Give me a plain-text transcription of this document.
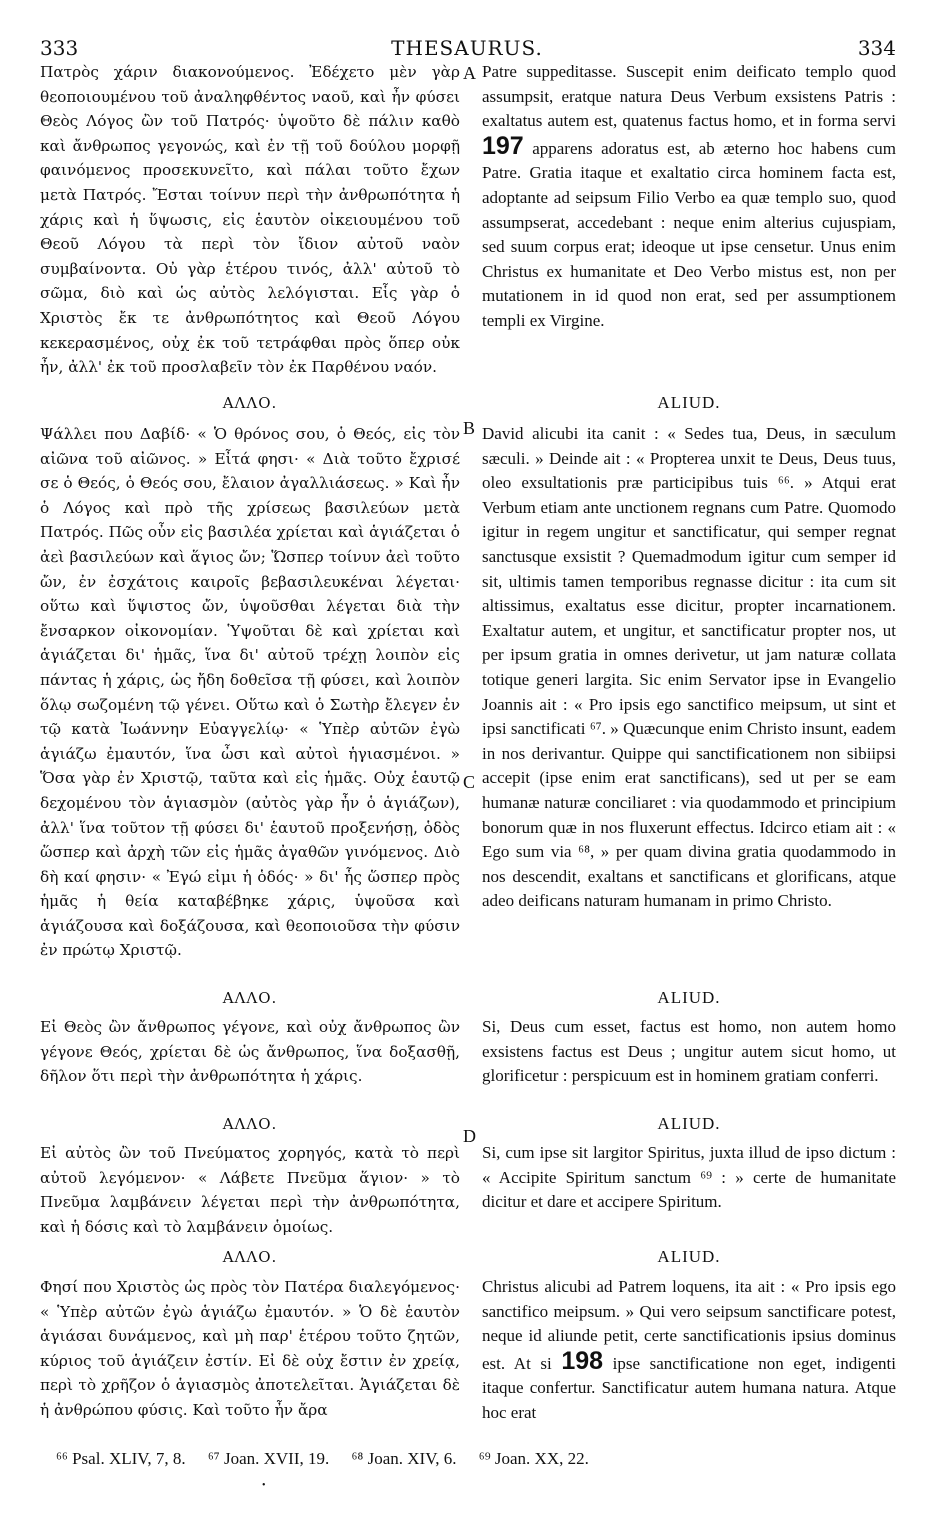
333	THESAURUS.	334
A
B
C
D

Πατρὸς χάριν διακονούμενος. Ἐδέχετο μὲν γὰρ θεοποιουμένου τοῦ ἀναληφθέντος ναοῦ, καὶ ἦν φύσει Θεὸς Λόγος ὢν τοῦ Πατρός· ὑψοῦτο δὲ πάλιν καθὸ καὶ ἄνθρωπος γεγονώς, καὶ ἐν τῇ τοῦ δούλου μορφῇ φαινόμενος προσεκυνεῖτο, καὶ πάλαι τοῦτο ἔχων μετὰ Πατρός. Ἔσται τοίνυν περὶ τὴν ἀνθρωπότητα ἡ χάρις καὶ ἡ ὕψωσις, εἰς ἑαυτὸν οἰκειουμένου τοῦ Θεοῦ Λόγου τὰ περὶ τὸν ἴδιον αὐτοῦ ναὸν συμβαίνοντα. Οὐ γὰρ ἑτέρου τινός, ἀλλ' αὐτοῦ τὸ σῶμα, διὸ καὶ ὡς αὐτὸς λελόγισται. Εἷς γὰρ ὁ Χριστὸς ἔκ τε ἀνθρωπότητος καὶ Θεοῦ Λόγου κεκερασμένος, οὐχ ἐκ τοῦ τετράφθαι πρὸς ὅπερ οὐκ ἦν, ἀλλ' ἐκ τοῦ προσλαβεῖν τὸν ἐκ Παρθένου ναόν.

ΑΛΛΟ.

Ψάλλει που Δαβίδ· « Ὁ θρόνος σου, ὁ Θεός, εἰς τὸν αἰῶνα τοῦ αἰῶνος. » Εἶτά φησι· « Διὰ τοῦτο ἔχρισέ σε ὁ Θεός, ὁ Θεός σου, ἔλαιον ἀγαλλιάσεως. » Καὶ ἦν ὁ Λόγος καὶ πρὸ τῆς χρίσεως βασιλεύων μετὰ Πατρός. Πῶς οὖν εἰς βασιλέα χρίεται καὶ ἁγιάζεται ὁ ἀεὶ βασιλεύων καὶ ἅγιος ὤν; Ὥσπερ τοίνυν ἀεὶ τοῦτο ὤν, ἐν ἐσχάτοις καιροῖς βεβασιλευκέναι λέγεται· οὕτω καὶ ὕψιστος ὤν, ὑψοῦσθαι λέγεται διὰ τὴν ἔνσαρκον οἰκονομίαν. Ὑψοῦται δὲ καὶ χρίεται καὶ ἁγιάζεται δι' ἡμᾶς, ἵνα δι' αὐτοῦ τρέχῃ λοιπὸν εἰς πάντας ἡ χάρις, ὡς ἤδη δοθεῖσα τῇ φύσει, καὶ λοιπὸν ὅλῳ σωζομένη τῷ γένει. Οὕτω καὶ ὁ Σωτὴρ ἔλεγεν ἐν τῷ κατὰ Ἰωάννην Εὐαγγελίῳ· « Ὑπὲρ αὐτῶν ἐγὼ ἁγιάζω ἐμαυτόν, ἵνα ὦσι καὶ αὐτοὶ ἡγιασμένοι. » Ὅσα γὰρ ἐν Χριστῷ, ταῦτα καὶ εἰς ἡμᾶς. Οὐχ ἑαυτῷ δεχομένου τὸν ἁγιασμὸν (αὐτὸς γὰρ ἦν ὁ ἁγιάζων), ἀλλ' ἵνα τοῦτον τῇ φύσει δι' ἑαυτοῦ προξενήσῃ, ὁδὸς ὥσπερ καὶ ἀρχὴ τῶν εἰς ἡμᾶς ἀγαθῶν γινόμενος. Διὸ δὴ καί φησιν· « Ἐγώ εἰμι ἡ ὁδός· » δι' ἧς ὥσπερ πρὸς ἡμᾶς ἡ θεία καταβέβηκε χάρις, ὑψοῦσα καὶ ἁγιάζουσα καὶ δοξάζουσα, καὶ θεοποιοῦσα τὴν φύσιν ἐν πρώτῳ Χριστῷ.

ΑΛΛΟ.

Εἰ Θεὸς ὢν ἄνθρωπος γέγονε, καὶ οὐχ ἄνθρωπος ὢν γέγονε Θεός, χρίεται δὲ ὡς ἄνθρωπος, ἵνα δοξασθῇ, δῆλον ὅτι περὶ τὴν ἀνθρωπότητα ἡ χάρις.

ΑΛΛΟ.

Εἰ αὐτὸς ὢν τοῦ Πνεύματος χορηγός, κατὰ τὸ περὶ αὐτοῦ λεγόμενον· « Λάβετε Πνεῦμα ἅγιον· » τὸ Πνεῦμα λαμβάνειν λέγεται περὶ τὴν ἀνθρωπότητα, καὶ ἡ δόσις καὶ τὸ λαμβάνειν ὁμοίως.

ΑΛΛΟ.

Φησί που Χριστὸς ὡς πρὸς τὸν Πατέρα διαλεγόμενος· « Ὑπὲρ αὐτῶν ἐγὼ ἁγιάζω ἐμαυτόν. » Ὁ δὲ ἑαυτὸν ἁγιάσαι δυνάμενος, καὶ μὴ παρ' ἑτέρου τοῦτο ζητῶν, κύριος τοῦ ἁγιάζειν ἐστίν. Εἰ δὲ οὐχ ἔστιν ἐν χρείᾳ, περὶ τὸ χρῆζον ὁ ἁγιασμὸς ἀποτελεῖται. Ἁγιάζεται δὲ ἡ ἀνθρώπου φύσις. Καὶ τοῦτο ἦν ἄρα

Patre suppeditasse. Suscepit enim deificato templo quod assumpsit, eratque natura Deus Verbum exsistens Patris : exaltatus autem est, quatenus factus homo, et in forma servi 197 apparens adoratus est, ab æterno hoc habens cum Patre. Gratia itaque et exaltatio circa hominem facta est, adoptante ad seipsum Filio Verbo ea quæ templo suo, quod assumpserat, accedebant : neque enim alterius cujuspiam, sed suum corpus erat; ideoque ut ipse censetur. Unus enim Christus ex humanitate et Deo Verbo mistus est, non per mutationem in id quod non erat, sed per assumptionem templi ex Virgine.

ALIUD.

David alicubi ita canit : « Sedes tua, Deus, in sæculum sæculi. » Deinde ait : « Propterea unxit te Deus, Deus tuus, oleo exsultationis præ participibus tuis ⁶⁶. » Atqui erat Verbum etiam ante unctionem regnans cum Patre. Quomodo igitur in regem ungitur et sanctificatur, qui semper regnat sanctusque exsistit ? Quemadmodum igitur cum semper id sit, ultimis tamen temporibus regnasse dicitur : ita cum sit altissimus, exaltatus esse dicitur, propter incarnationem. Exaltatur autem, et ungitur, et sanctificatur propter nos, ut per ipsum gratia in omnes derivetur, ut jam naturæ collata totique generi largita. Sic enim Servator ipse in Evangelio Joannis ait : « Pro ipsis ego sanctifico meipsum, ut sint et ipsi sanctificati ⁶⁷. » Quæcunque enim Christo insunt, eadem in nos derivantur. Quippe qui sanctificationem non sibiipsi accepit (ipse enim erat sanctificans), sed ut per se eam humanæ naturæ conciliaret : via quodammodo et principium bonorum quæ in nos fluxerunt effectus. Idcirco etiam ait : « Ego sum via ⁶⁸, » per quam divina gratia quodammodo in nos descendit, exaltans et sanctificans et glorificans, atque adeo deificans naturam humanam in primo Christo.

ALIUD.

Si, Deus cum esset, factus est homo, non autem homo exsistens factus est Deus ; ungitur autem sicut homo, ut glorificetur : perspicuum est in hominem gratiam conferri.

ALIUD.

Si, cum ipse sit largitor Spiritus, juxta illud de ipso dictum : « Accipite Spiritum sanctum ⁶⁹ : » certe de humanitate dicitur et dare et accipere Spiritum.

ALIUD.

Christus alicubi ad Patrem loquens, ita ait : « Pro ipsis ego sanctifico meipsum. » Qui vero seipsum sanctificare potest, neque id aliunde petit, certe sanctificationis ipsius dominus est. At si 198 ipse sanctificatione non eget, indigenti itaque confertur. Sanctificatur autem humana natura. Atque hoc erat

⁶⁶ Psal. XLIV, 7, 8. ⁶⁷ Joan. XVII, 19. ⁶⁸ Joan. XIV, 6. ⁶⁹ Joan. XX, 22.
•
